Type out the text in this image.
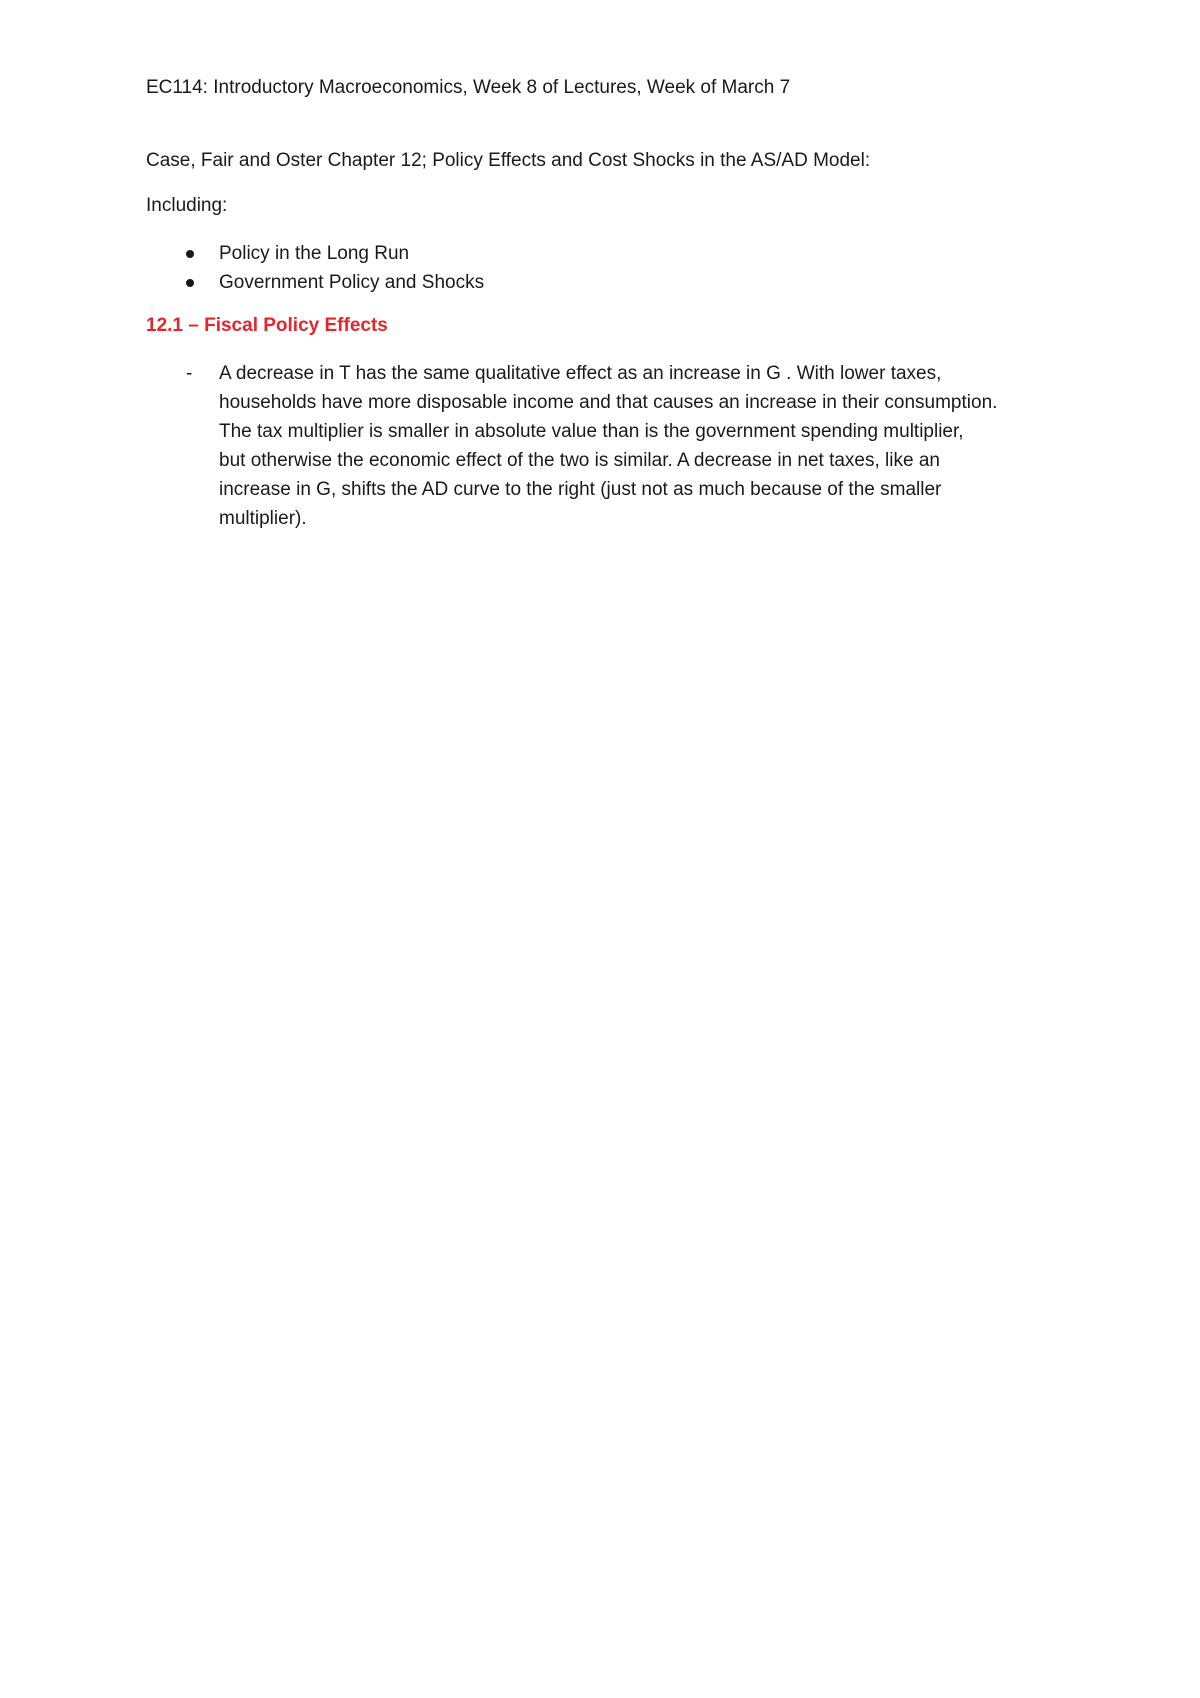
EC114: Introductory Macroeconomics, Week 8 of Lectures, Week of March 7
Case, Fair and Oster Chapter 12; Policy Effects and Cost Shocks in the AS/AD Model:
Including:
Policy in the Long Run
Government Policy and Shocks
12.1 – Fiscal Policy Effects
- A decrease in T has the same qualitative effect as an increase in G . With lower taxes,
households have more disposable income and that causes an increase in their consumption.
The tax multiplier is smaller in absolute value than is the government spending multiplier,
but otherwise the economic effect of the two is similar. A decrease in net taxes, like an
increase in G, shifts the AD curve to the right (just not as much because of the smaller
multiplier).
